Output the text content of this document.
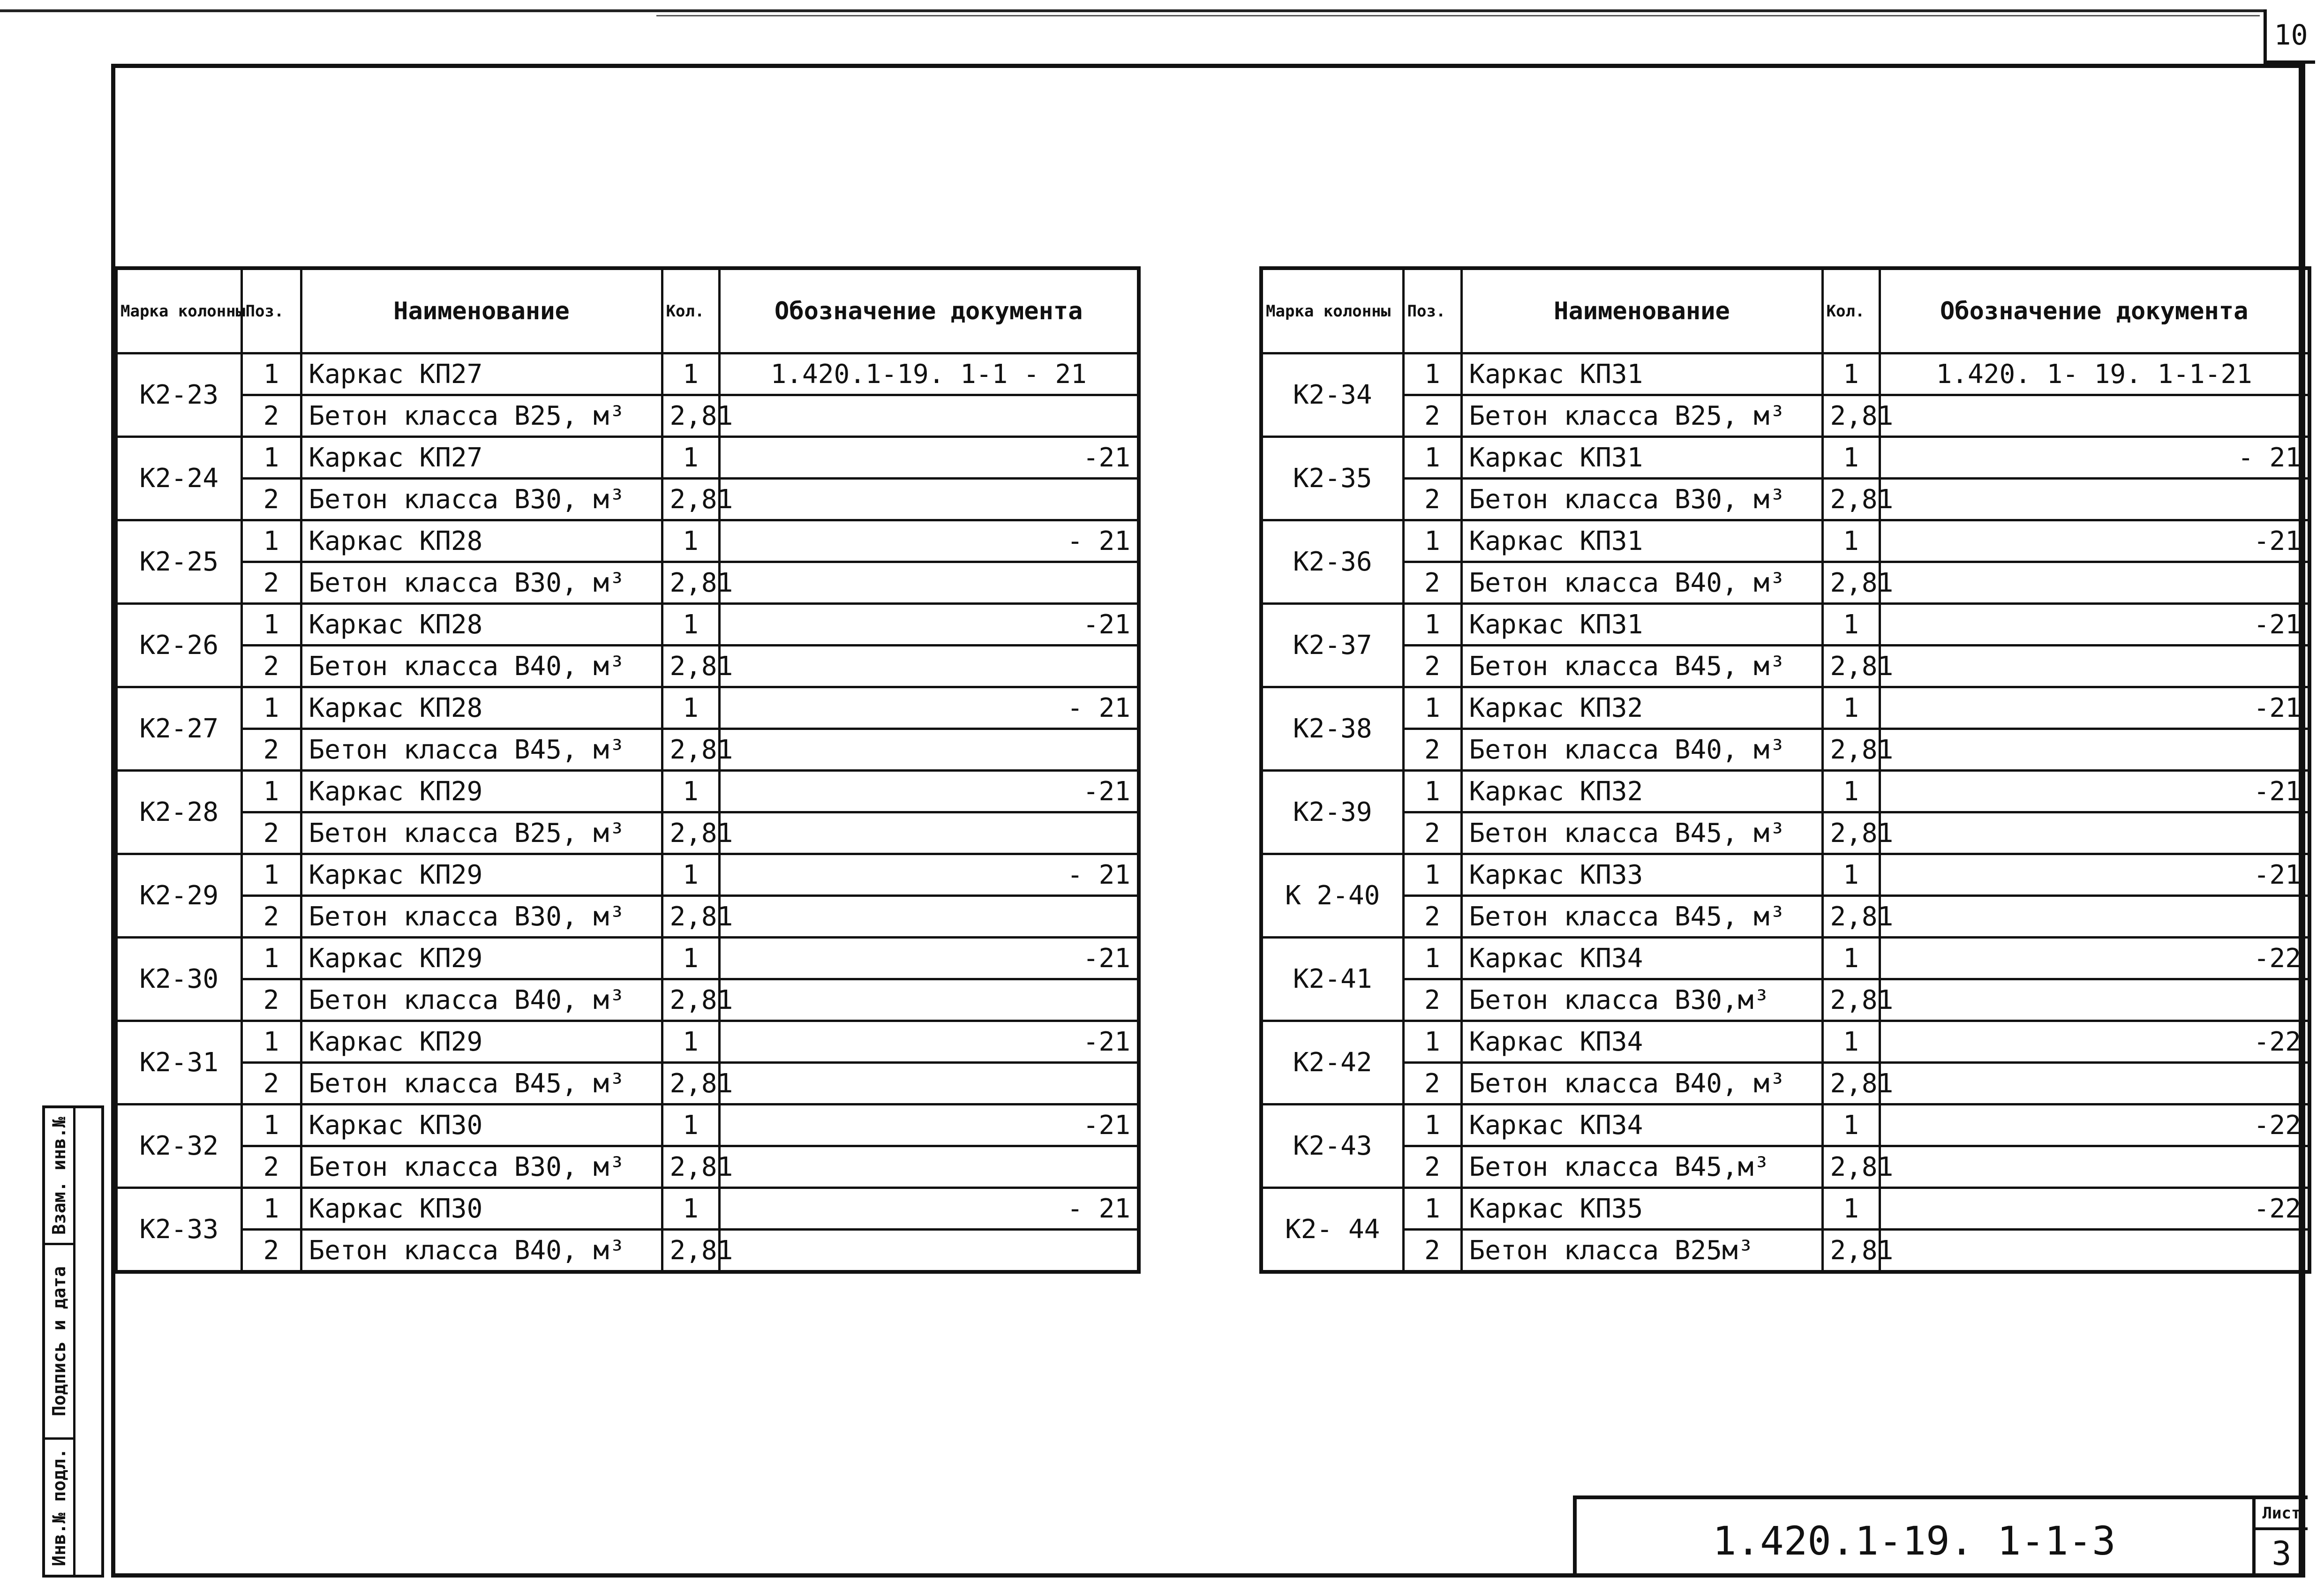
10
Марка колонны	Поз.	Наименование	Кол.	Обозначение документа
К2-23	1	Каркас КП27	1	1.420.1-19. 1-1 - 21
	2	Бетон класса В25, м³	2,81	
К2-24	1	Каркас КП27	1	-21
	2	Бетон класса В30, м³	2,81	
К2-25	1	Каркас КП28	1	- 21
	2	Бетон класса В30, м³	2,81	
К2-26	1	Каркас КП28	1	-21
	2	Бетон класса В40, м³	2,81	
К2-27	1	Каркас КП28	1	- 21
	2	Бетон класса В45, м³	2,81	
К2-28	1	Каркас КП29	1	-21
	2	Бетон класса В25, м³	2,81	
К2-29	1	Каркас КП29	1	- 21
	2	Бетон класса В30, м³	2,81	
К2-30	1	Каркас КП29	1	-21
	2	Бетон класса В40, м³	2,81	
К2-31	1	Каркас КП29	1	-21
	2	Бетон класса В45, м³	2,81	
К2-32	1	Каркас КП30	1	-21
	2	Бетон класса В30, м³	2,81	
К2-33	1	Каркас КП30	1	- 21
	2	Бетон класса В40, м³	2,81	
Марка колонны	Поз.	Наименование	Кол.	Обозначение документа
К2-34	1	Каркас КП31	1	1.420. 1- 19. 1-1-21
	2	Бетон класса В25, м³	2,81	
К2-35	1	Каркас КП31	1	- 21
	2	Бетон класса В30, м³	2,81	
К2-36	1	Каркас КП31	1	-21
	2	Бетон класса В40, м³	2,81	
К2-37	1	Каркас КП31	1	-21
	2	Бетон класса В45, м³	2,81	
К2-38	1	Каркас КП32	1	-21
	2	Бетон класса В40, м³	2,81	
К2-39	1	Каркас КП32	1	-21
	2	Бетон класса В45, м³	2,81	
К 2-40	1	Каркас КП33	1	-21
	2	Бетон класса В45, м³	2,81	
К2-41	1	Каркас КП34	1	-22
	2	Бетон класса В30,м³	2,81	
К2-42	1	Каркас КП34	1	-22
	2	Бетон класса В40, м³	2,81	
К2-43	1	Каркас КП34	1	-22
	2	Бетон класса В45,м³	2,81	
К2- 44	1	Каркас КП35	1	-22
	2	Бетон класса В25м³	2,81	
Взам. инв.№
Подпись и дата
Инв.№ подл.	1.420.1-19. 1-1-3
Лист
3
